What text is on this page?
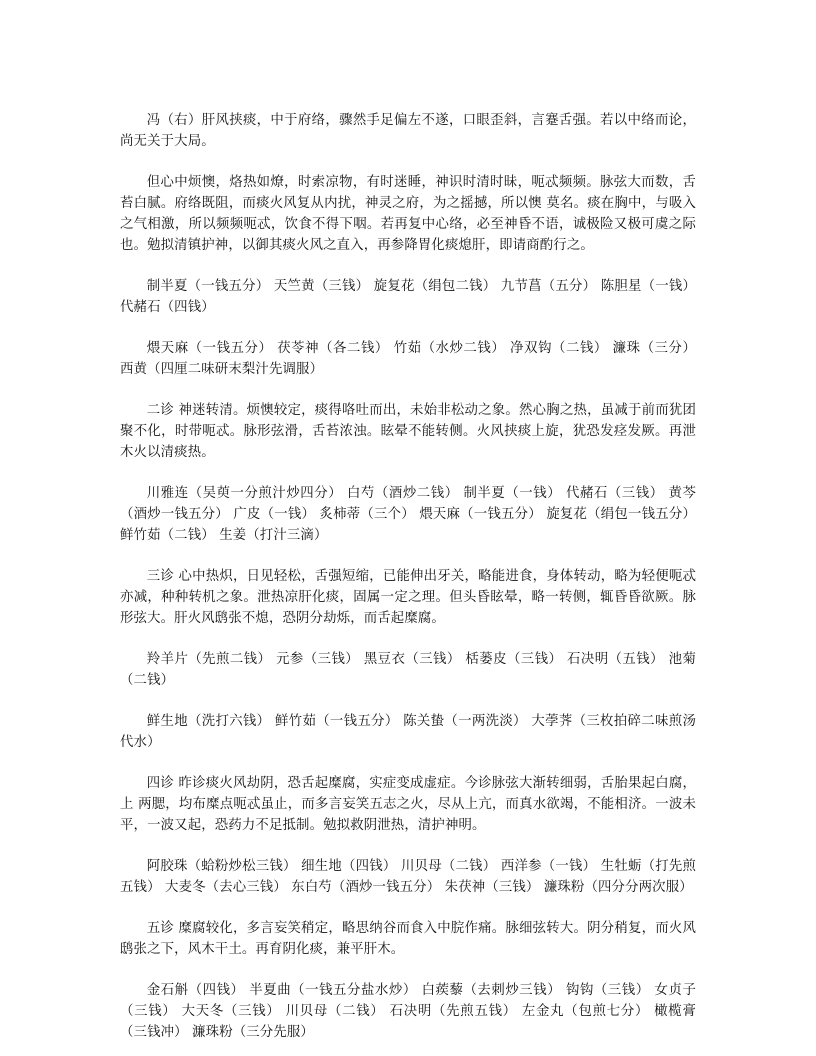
冯（右）肝风挟痰，中于府络，骤然手足偏左不遂，口眼歪斜，言蹇舌强。若以中络而论，尚无关于大局。

但心中烦懊，烙热如燎，时索凉物，有时迷睡，神识时清时昧，呃忒频频。脉弦大而数，舌苔白腻。府络既阻，而痰火风复从内扰，神灵之府，为之摇撼，所以懊 莫名。痰在胸中，与吸入之气相激，所以频频呃忒，饮食不得下咽。若再复中心络，必至神昏不语，诚极险又极可虞之际也。勉拟清镇护神，以御其痰火风之直入，再参降胃化痰熄肝，即请商酌行之。

制半夏（一钱五分） 天竺黄（三钱） 旋复花（绢包二钱） 九节菖（五分） 陈胆星（一钱） 代赭石（四钱）

煨天麻（一钱五分） 茯苓神（各二钱） 竹茹（水炒二钱） 净双钩（二钱） 濂珠（三分） 西黄（四厘二味研末梨汁先调服）

二诊 神迷转清。烦懊较定，痰得咯吐而出，未始非松动之象。然心胸之热，虽减于前而犹团聚不化，时带呃忒。脉形弦滑，舌苔浓浊。眩晕不能转侧。火风挟痰上旋，犹恐发痉发厥。再泄木火以清痰热。

川雅连（吴萸一分煎汁炒四分） 白芍（酒炒二钱） 制半夏（一钱） 代赭石（三钱） 黄芩（酒炒一钱五分） 广皮（一钱） 炙柿蒂（三个） 煨天麻（一钱五分） 旋复花（绢包一钱五分） 鲜竹茹（二钱） 生姜（打汁三滴）

三诊 心中热炽，日见轻松，舌强短缩，已能伸出牙关，略能进食，身体转动，略为轻便呃忒亦减，种种转机之象。泄热凉肝化痰，固属一定之理。但头昏眩晕，略一转侧，辄昏昏欲厥。脉形弦大。肝火风鸱张不熄，恐阴分劫烁，而舌起糜腐。

羚羊片（先煎二钱） 元参（三钱） 黑豆衣（三钱） 栝蒌皮（三钱） 石决明（五钱） 池菊（二钱）

鲜生地（洗打六钱） 鲜竹茹（一钱五分） 陈关蛰（一两洗淡） 大荸荠（三枚拍碎二味煎汤代水）

四诊 昨诊痰火风劫阴，恐舌起糜腐，实症变成虚症。今诊脉弦大渐转细弱，舌胎果起白腐，上 两腮，均布糜点呃忒虽止，而多言妄笑五志之火，尽从上亢，而真水欲竭，不能相济。一波未平，一波又起，恐药力不足抵制。勉拟救阴泄热，清护神明。

阿胶珠（蛤粉炒松三钱） 细生地（四钱） 川贝母（二钱） 西洋参（一钱） 生牡蛎（打先煎五钱） 大麦冬（去心三钱） 东白芍（酒炒一钱五分） 朱茯神（三钱） 濂珠粉（四分分两次服）

五诊 糜腐较化，多言妄笑稍定，略思纳谷而食入中脘作痛。脉细弦转大。阴分稍复，而火风鸱张之下，风木干土。再育阴化痰，兼平肝木。

金石斛（四钱） 半夏曲（一钱五分盐水炒） 白蒺藜（去刺炒三钱） 钩钩（三钱） 女贞子（三钱） 大天冬（三钱） 川贝母（二钱） 石决明（先煎五钱） 左金丸（包煎七分） 橄榄膏（三钱冲） 濂珠粉（三分先服）
